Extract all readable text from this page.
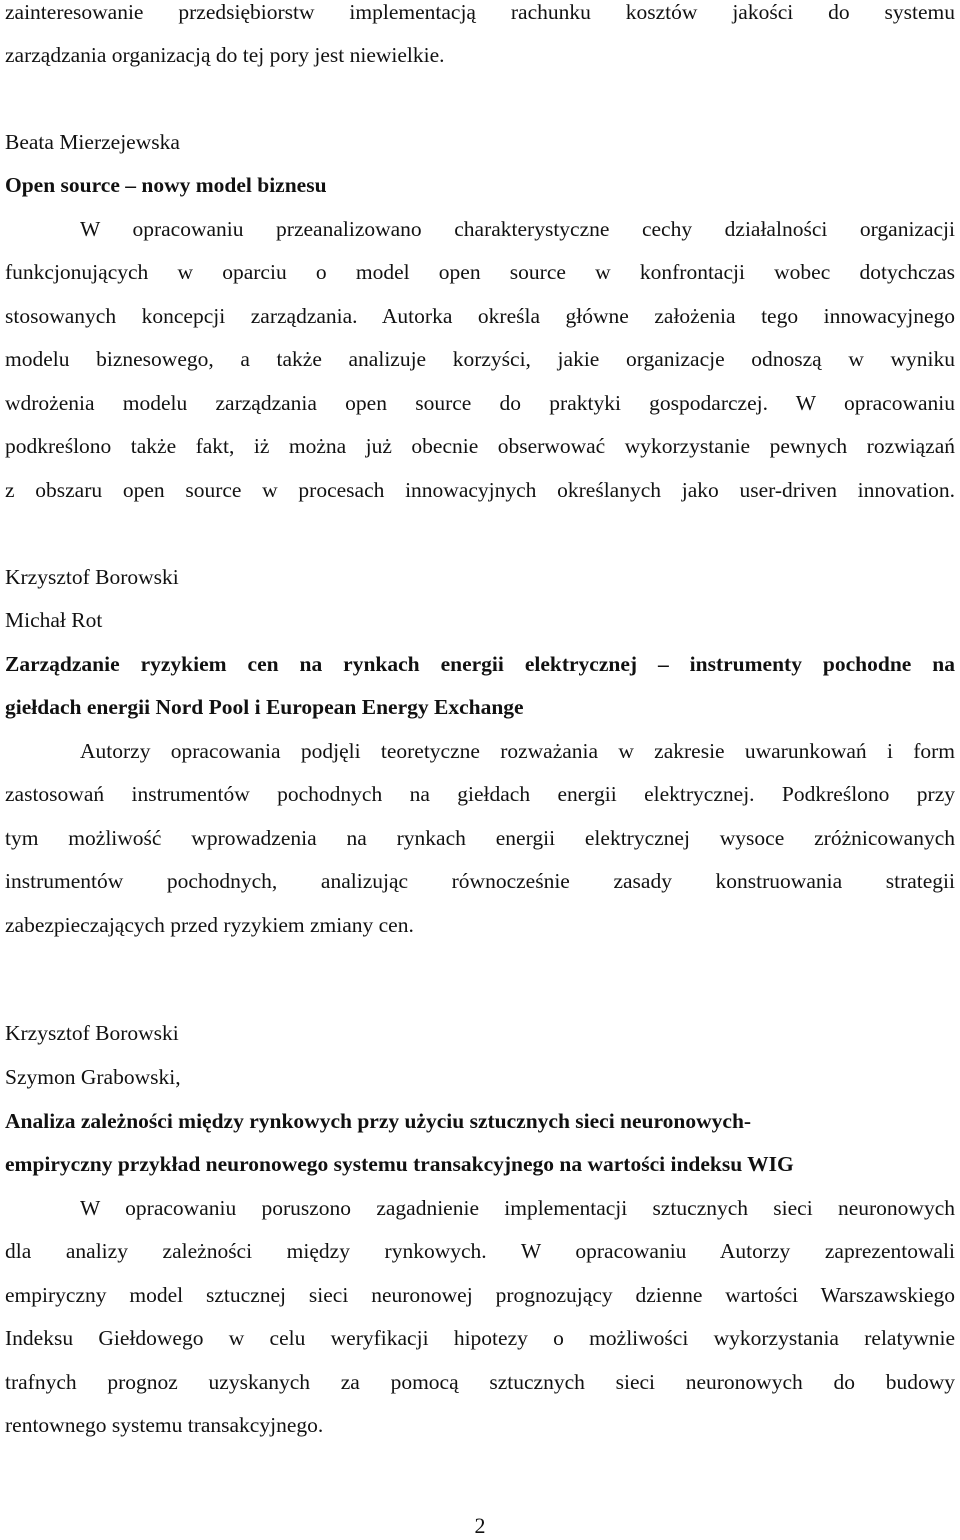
zainteresowanie przedsiębiorstw implementacją rachunku kosztów jakości do systemu
zarządzania organizacją do tej pory jest niewielkie.
Beata Mierzejewska
Open source – nowy model biznesu
W opracowaniu przeanalizowano charakterystyczne cechy działalności organizacji
funkcjonujących w oparciu o model open source w konfrontacji wobec dotychczas
stosowanych koncepcji zarządzania. Autorka określa główne założenia tego innowacyjnego
modelu biznesowego, a także analizuje korzyści, jakie organizacje odnoszą w wyniku
wdrożenia modelu zarządzania open source do praktyki gospodarczej. W opracowaniu
podkreślono także fakt, iż można już obecnie obserwować wykorzystanie pewnych rozwiązań
z obszaru open source w procesach innowacyjnych określanych jako user-driven innovation.
Krzysztof Borowski
Michał Rot
Zarządzanie ryzykiem cen na rynkach energii elektrycznej – instrumenty pochodne na
giełdach energii Nord Pool i European Energy Exchange
Autorzy opracowania podjęli teoretyczne rozważania w zakresie uwarunkowań i form
zastosowań instrumentów pochodnych na giełdach energii elektrycznej. Podkreślono przy
tym możliwość wprowadzenia na rynkach energii elektrycznej wysoce zróżnicowanych
instrumentów pochodnych, analizując równocześnie zasady konstruowania strategii
zabezpieczających przed ryzykiem zmiany cen.
Krzysztof Borowski
Szymon Grabowski,
Analiza zależności między rynkowych przy użyciu sztucznych sieci neuronowych-
empiryczny przykład neuronowego systemu transakcyjnego na wartości indeksu WIG
W opracowaniu poruszono zagadnienie implementacji sztucznych sieci neuronowych
dla analizy zależności między rynkowych. W opracowaniu Autorzy zaprezentowali
empiryczny model sztucznej sieci neuronowej prognozujący dzienne wartości Warszawskiego
Indeksu Giełdowego w celu weryfikacji hipotezy o możliwości wykorzystania relatywnie
trafnych prognoz uzyskanych za pomocą sztucznych sieci neuronowych do budowy
rentownego systemu transakcyjnego.
2
